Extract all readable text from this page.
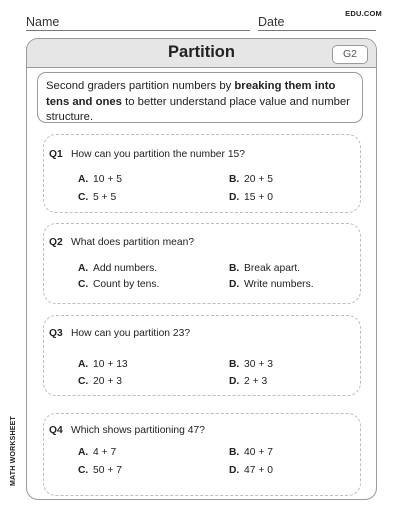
EDU.COM
Name	Date
Partition	G2
Second graders partition numbers by breaking them into tens and ones to better understand place value and number structure.
Q1 How can you partition the number 15?
A. 10 + 5	B. 20 + 5
C. 5 + 5	D. 15 + 0
Q2 What does partition mean?
A. Add numbers.	B. Break apart.
C. Count by tens.	D. Write numbers.
Q3 How can you partition 23?
A. 10 + 13	B. 30 + 3
C. 20 + 3	D. 2 + 3
Q4 Which shows partitioning 47?
A. 4 + 7	B. 40 + 7
C. 50 + 7	D. 47 + 0
MATH WORKSHEET
